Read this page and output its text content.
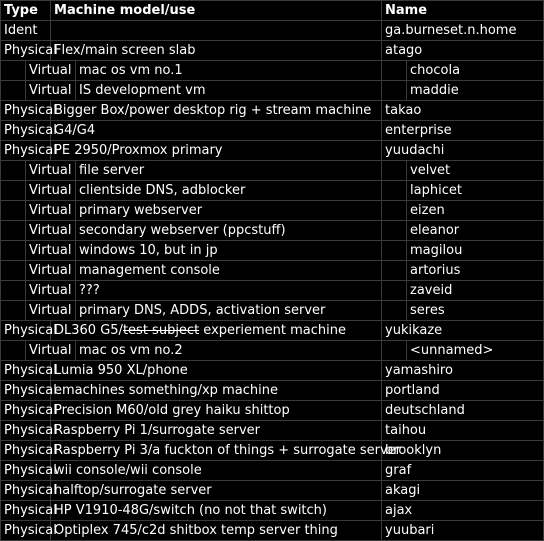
Type		Machine model/use		Name	
Ident				ga.burneset.n.home	
Physical		Flex/main screen slab		atago	
	Virtual		mac os vm no.1		chocola
	Virtual		IS development vm		maddie
Physical		Bigger Box/power desktop rig + stream machine		takao	
Physical		G4/G4		enterprise	
Physical		PE 2950/Proxmox primary		yuudachi	
	Virtual		file server		velvet
	Virtual		clientside DNS, adblocker		laphicet
	Virtual		primary webserver		eizen
	Virtual		secondary webserver (ppcstuff)		eleanor
	Virtual		windows 10, but in jp		magilou
	Virtual		management console		artorius
	Virtual		???		zaveid
	Virtual		primary DNS, ADDS, activation server		seres
Physical		DL360 G5/test subject experiement machine		yukikaze	
	Virtual		mac os vm no.2		<unnamed>
Physical		Lumia 950 XL/phone		yamashiro	
Physical		emachines something/xp machine		portland	
Physical		Precision M60/old grey haiku shittop		deutschland	
Physical		Raspberry Pi 1/surrogate server		taihou	
Physical		Raspberry Pi 3/a fuckton of things + surrogate server		brooklyn	
Physical		wii console/wii console		graf	
Physical		halftop/surrogate server		akagi	
Physical		HP V1910-48G/switch (no not that switch)		ajax	
Physical		Optiplex 745/c2d shitbox temp server thing		yuubari	
